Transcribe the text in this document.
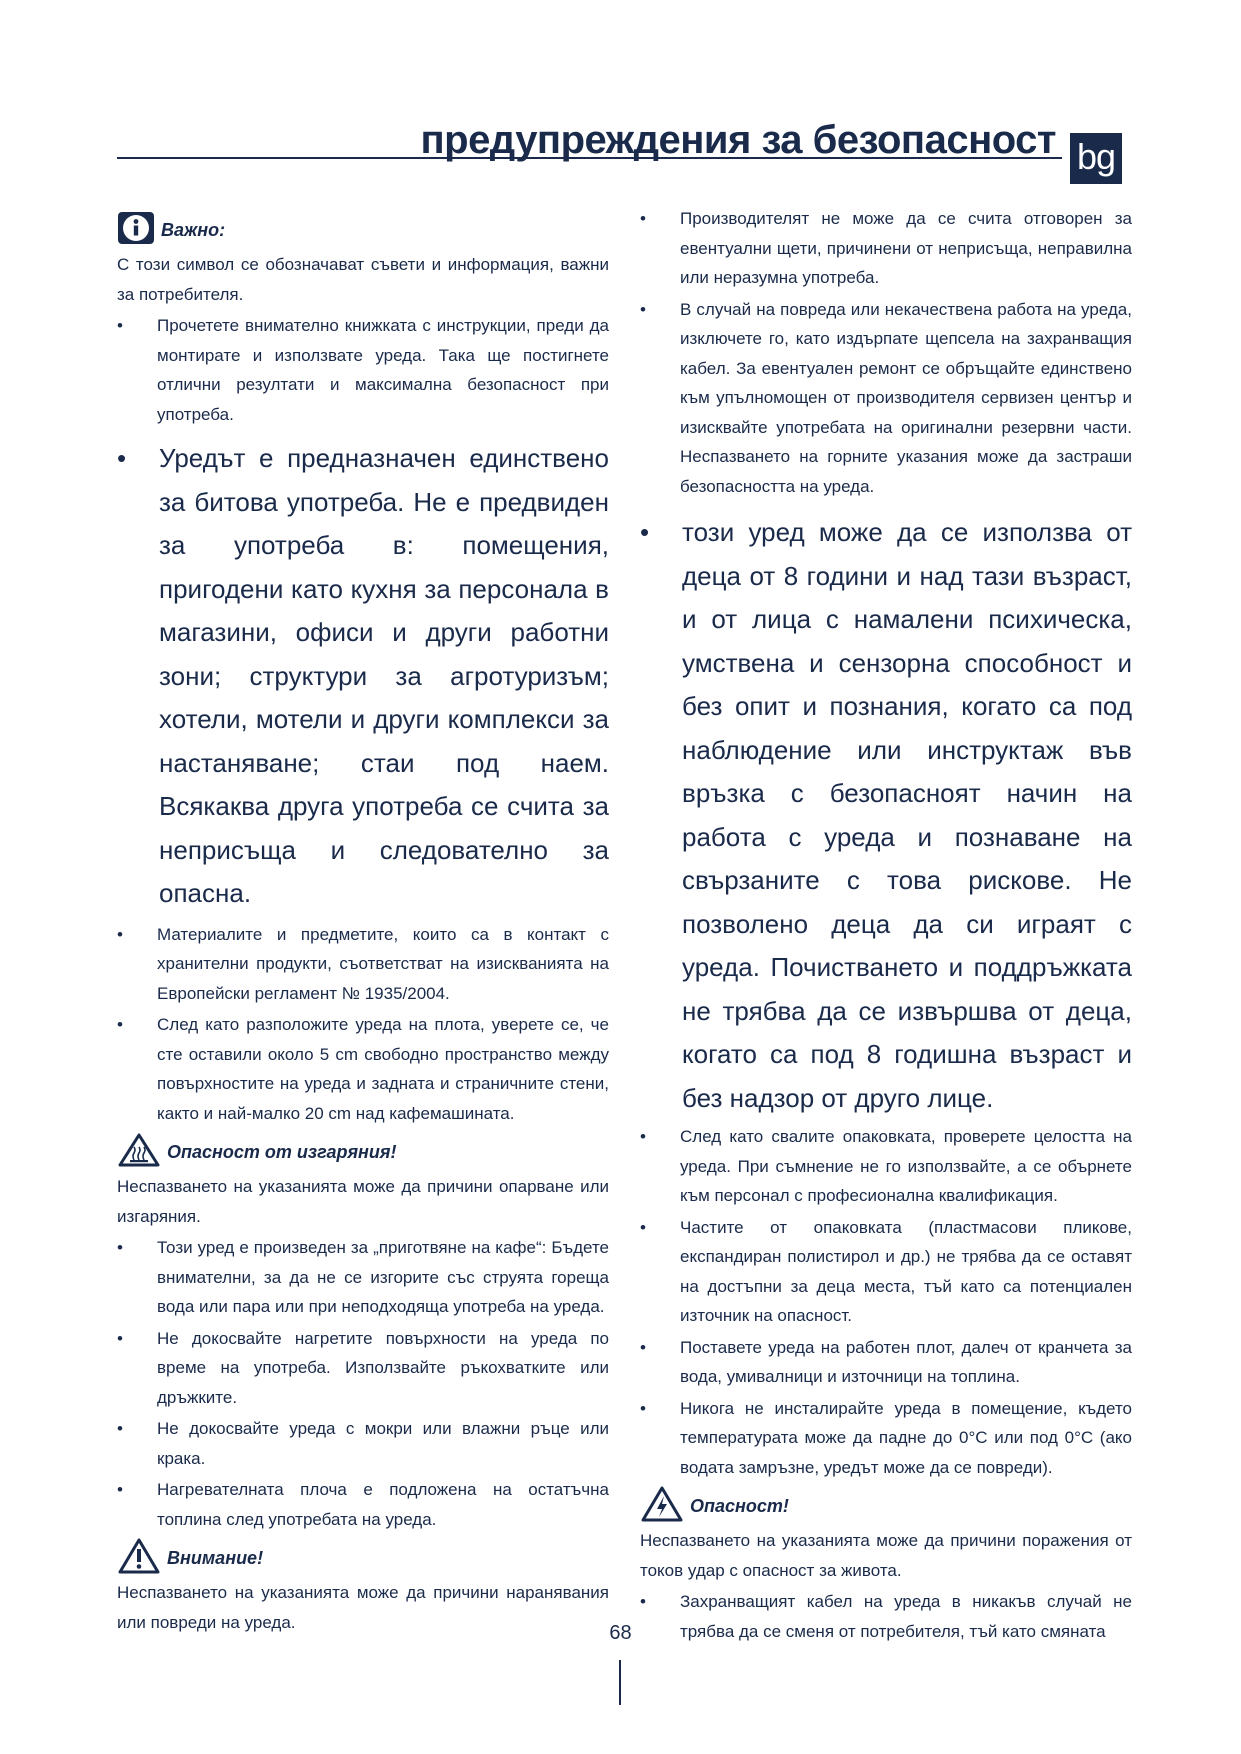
предупреждения за безопасност bg
Важно:

С този символ се обозначават съвети и информация, важни за потребителя.

•	Прочетете внимателно книжката с инструкции, преди да монтирате и използвате уреда. Така ще постигнете отлични резултати и максимална безопасност при употреба.
• Уредът е предназначен единствено за битова употреба. Не е предвиден за употреба в: помещения, пригодени като кухня за персонала в магазини, офиси и други работни зони; структури за агротуризъм; хотели, мотели и други комплекси за настаняване; стаи под наем. Всякаква друга употреба се счита за неприсъща и следователно за опасна.
•	Материалите и предметите, които са в контакт с хранителни продукти, съответстват на изискванията на Европейски регламент № 1935/2004.
•	След като разположите уреда на плота, уверете се, че сте оставили около 5 cm свободно пространство между повърхностите на уреда и задната и страничните стени, както и най-малко 20 cm над кафемашината.
Опасност от изгаряния!

Неспазването на указанията може да причини опарване или изгаряния.

•	Този уред е произведен за „приготвяне на кафе“: Бъдете внимателни, за да не се изгорите със струята гореща вода или пара или при неподходяща употреба на уреда.
•	Не докосвайте нагретите повърхности на уреда по време на употреба. Използвайте ръкохватките или дръжките.
•	Не докосвайте уреда с мокри или влажни ръце или крака.
•	Нагревателната плоча е подложена на остатъчна топлина след употребата на уреда.
Внимание!

Неспазването на указанията може да причини наранявания или повреди на уреда.

•	Производителят не може да се счита отговорен за евентуални щети, причинени от неприсъща, неправилна или неразумна употреба.
•	В случай на повреда или некачествена работа на уреда, изключете го, като издърпате щепсела на захранващия кабел. За евентуален ремонт се обръщайте единствено към упълномощен от производителя сервизен център и изисквайте употребата на оригинални резервни части. Неспазването на горните указания може да застраши безопасността на уреда.
• този уред може да се използва от деца от 8 години и над тази възраст, и от лица с намалени психическа, умствена и сензорна способност и без опит и познания, когато са под наблюдение или инструктаж във връзка с безопасноят начин на работа с уреда и познаване на свързаните с това рискове. Не позволено деца да си играят с уреда. Почистването и поддръжката не трябва да се извършва от деца, когато са под 8 годишна възраст и без надзор от друго лице.
•	След като свалите опаковката, проверете целостта на уреда. При съмнение не го използвайте, а се обърнете към персонал с професионална квалификация.
•	Частите от опаковката (пластмасови пликове, експандиран полистирол и др.) не трябва да се оставят на достъпни за деца места, тъй като са потенциален източник на опасност.
•	Поставете уреда на работен плот, далеч от кранчета за вода, умивалници и източници на топлина.
•	Никога не инсталирайте уреда в помещение, където температурата може да падне до 0°C или под 0°C (ако водата замръзне, уредът може да се повреди).
Опасност!

Неспазването на указанията може да причини поражения от токов удар с опасност за живота.

•	Захранващият кабел на уреда в никакъв случай не трябва да се сменя от потребителя, тъй като смяната
68
